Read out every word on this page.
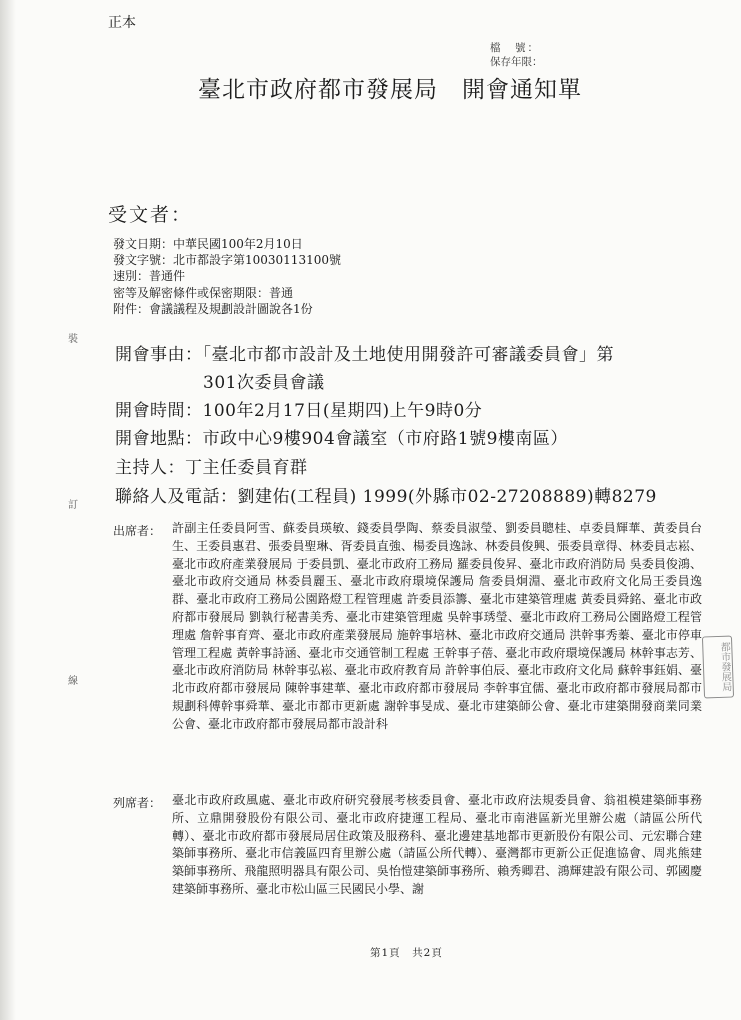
正本
檔　號：
保存年限：
臺北市政府都市發展局　開會通知單
受文者：
發文日期：中華民國100年2月10日
發文字號：北市都設字第10030113100號
速別：普通件
密等及解密條件或保密期限：普通
附件：會議議程及規劃設計圖說各1份
開會事由：「臺北市都市設計及土地使用開發許可審議委員會」第
301次委員會議
開會時間：100年2月17日(星期四)上午9時0分
開會地點：市政中心9樓904會議室（市府路1號9樓南區）
主持人：丁主任委員育群
聯絡人及電話：劉建佑(工程員) 1999(外縣市02-27208889)轉8279
出席者： 許副主任委員阿雪、蘇委員瑛敏、錢委員學陶、蔡委員淑瑩、劉委員聰桂、卓委員輝華、黃委員台生、王委員惠君、張委員聖琳、胥委員直強、楊委員逸詠、林委員俊興、張委員章得、林委員志崧、臺北市政府產業發展局 于委員凱、臺北市政府工務局 羅委員俊昇、臺北市政府消防局 吳委員俊鴻、臺北市政府交通局 林委員麗玉、臺北市政府環境保護局 詹委員炯淵、臺北市政府文化局王委員逸群、臺北市政府工務局公園路燈工程管理處 許委員添籌、臺北市建築管理處 黃委員舜銘、臺北市政府都市發展局 劉執行秘書美秀、臺北市建築管理處 吳幹事琇瑩、臺北市政府工務局公園路燈工程管理處 詹幹事育齊、臺北市政府產業發展局 施幹事培林、臺北市政府交通局 洪幹事秀蓁、臺北市停車管理工程處 黃幹事詩涵、臺北市交通管制工程處 王幹事子蓓、臺北市政府環境保護局 林幹事志芳、臺北市政府消防局 林幹事弘崧、臺北市政府教育局 許幹事伯辰、臺北市政府文化局 蘇幹事鈺娟、臺北市政府都市發展局 陳幹事建華、臺北市政府都市發展局 李幹事宜儒、臺北市政府都市發展局都市規劃科傅幹事舜華、臺北市都市更新處 謝幹事旻成、臺北市建築師公會、臺北市建築開發商業同業公會、臺北市政府都市發展局都市設計科
列席者： 臺北市政府政風處、臺北市政府研究發展考核委員會、臺北市政府法規委員會、翁祖模建築師事務所、立鼎開發股份有限公司、臺北市政府捷運工程局、臺北市南港區新光里辦公處（請區公所代轉）、臺北市政府都市發展局居住政策及服務科、臺北邊建基地都市更新股份有限公司、元宏聯合建築師事務所、臺北市信義區四育里辦公處（請區公所代轉）、臺灣都市更新公正促進協會、周兆熊建築師事務所、飛龍照明器具有限公司、吳怡愷建築師事務所、賴秀卿君、鴻輝建設有限公司、郭國慶建築師事務所、臺北市松山區三民國民小學、謝
裝
訂
線	都市發展局
第1頁　共2頁
